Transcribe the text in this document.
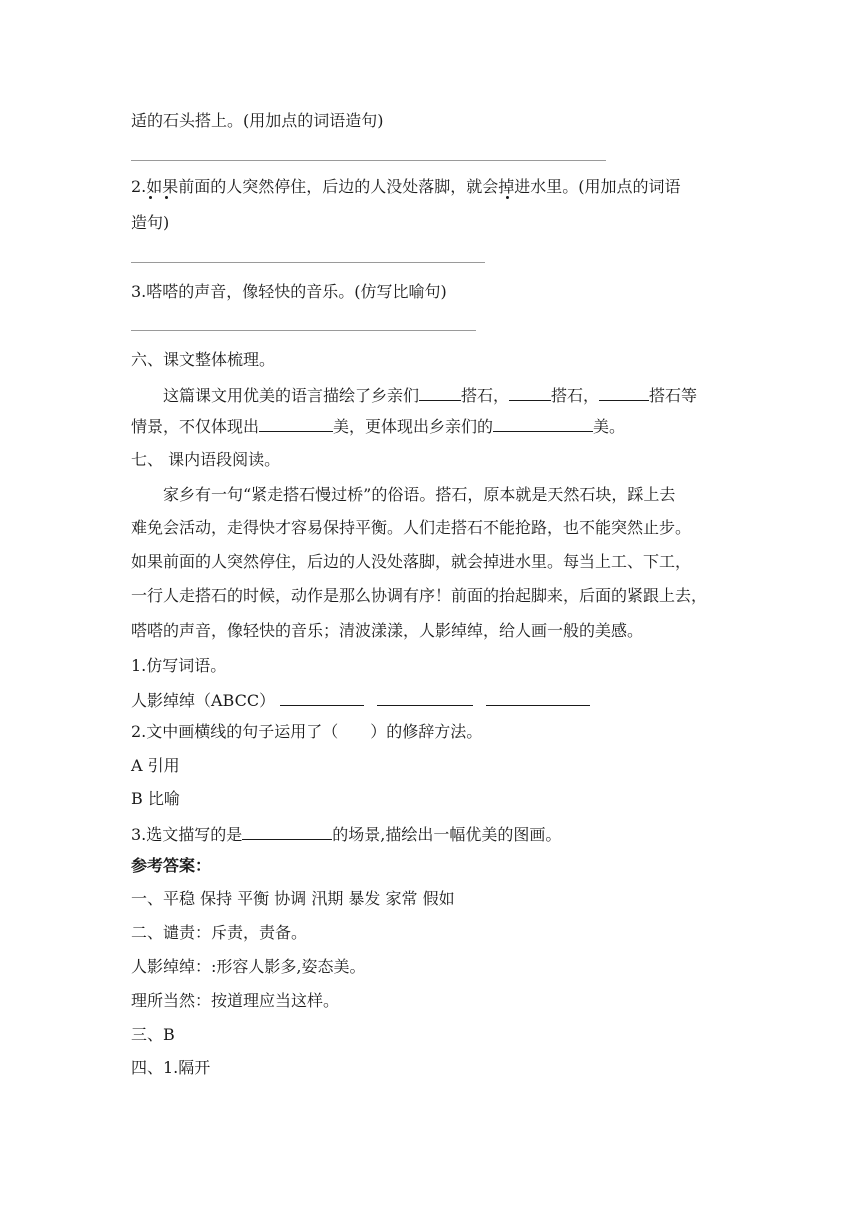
适的石头搭上。(用加点的词语造句)
2.如果前面的人突然停住，后边的人没处落脚，就会掉进水里。(用加点的词语
造句)
3.嗒嗒的声音，像轻快的音乐。(仿写比喻句)
六、课文整体梳理。
这篇课文用优美的语言描绘了乡亲们	搭石，	搭石，	搭石等
情景，不仅体现出	美，更体现出乡亲们的	美。
七、 课内语段阅读。
家乡有一句“紧走搭石慢过桥”的俗语。搭石，原本就是天然石块，踩上去
难免会活动，走得快才容易保持平衡。人们走搭石不能抢路，也不能突然止步。
如果前面的人突然停住，后边的人没处落脚，就会掉进水里。每当上工、下工，
一行人走搭石的时候，动作是那么协调有序！前面的抬起脚来，后面的紧跟上去，
嗒嗒的声音，像轻快的音乐；清波漾漾，人影绰绰，给人画一般的美感。
1.仿写词语。
人影绰绰（ABCC）
2.文中画横线的句子运用了（　　）的修辞方法。
A 引用
B 比喻
3.选文描写的是	的场景,描绘出一幅优美的图画。
参考答案：
一、平稳 保持 平衡 协调 汛期 暴发 家常 假如
二、谴责：斥责，责备。
人影绰绰：:形容人影多,姿态美。
理所当然：按道理应当这样。
三、B
四、1.隔开
